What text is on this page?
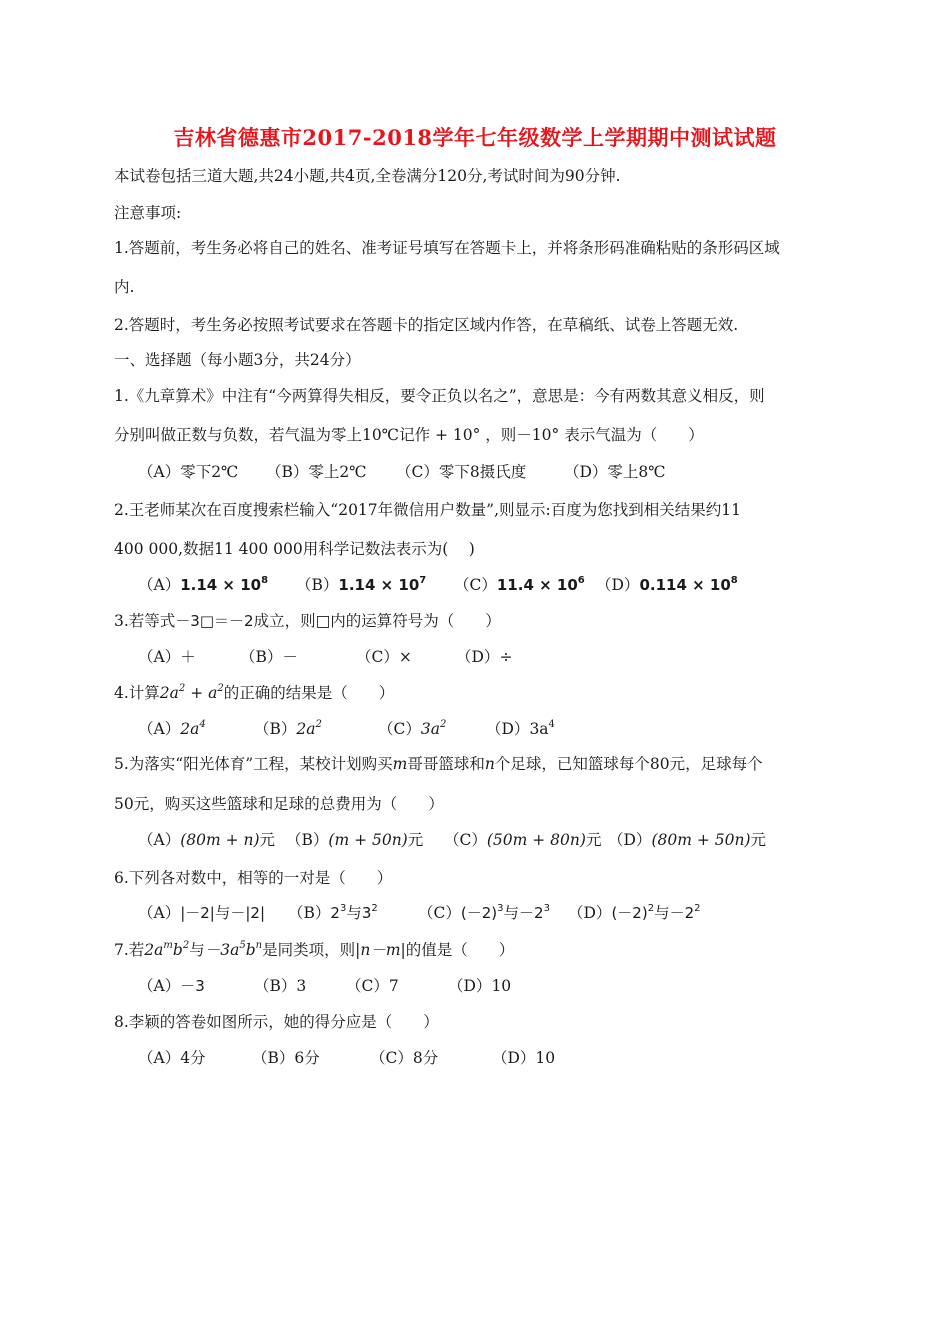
吉林省德惠市2017-2018学年七年级数学上学期期中测试试题
本试卷包括三道大题,共24小题,共4页,全卷满分120分,考试时间为90分钟.
注意事项:
1.答题前，考生务必将自己的姓名、准考证号填写在答题卡上，并将条形码准确粘贴的条形码区域
内.
2.答题时，考生务必按照考试要求在答题卡的指定区域内作答，在草稿纸、试卷上答题无效.
一、选择题（每小题3分，共24分）
1.《九章算术》中注有“今两算得失相反，要令正负以名之”，意思是：今有两数其意义相反，则
分别叫做正数与负数，若气温为零上10℃记作 + 10° ，则－10° 表示气温为（　　）
（A）零下2℃ （B）零上2℃ （C）零下8摄氏度 （D）零上8℃
2.王老师某次在百度搜索栏输入“2017年微信用户数量”,则显示:百度为您找到相关结果约11
400 000,数据11 400 000用科学记数法表示为(　 )
$(A)1.14 \times 10^8$ $(B)1.14 \times 10^7$ $(C)11.4 \times 10^6$ $(D)0.114 \times 10^8$
3.若等式－3□＝－2成立，则□内的运算符号为（　　）
（A）＋	（B）－	（C）×	（D）÷
4.计算$2a^2 + a^2$的正确的结果是（　　）
$(A)2a^4$	$(B)2a^2$	$(C)3a^2$	$(D)3a^4$
5.为落实“阳光体育”工程，某校计划购买m哥哥篮球和n个足球，已知篮球每个80元，足球每个
50元，购买这些篮球和足球的总费用为（　　）
（A）(80m + n)元 （B）(m + 50n)元 （C）(50m + 80n)元 （D）(80m + 50n)元
6.下列各对数中，相等的一对是（　　）
（A）|－2|与－|2| $(B)2^3$与$3^2$	$(C)(-2)^3$与$-2^3$ $(D)(-2)^2$与$-2^2$
7.若$2a^mb^2$与$-3a^5b^n$是同类项，则|n－m|的值是（　　）
（A）－3	（B）3	（C）7	（D）10
8.李颖的答卷如图所示，她的得分应是（　　）
（A）4分	（B）6分	（C）8分	（D）10
